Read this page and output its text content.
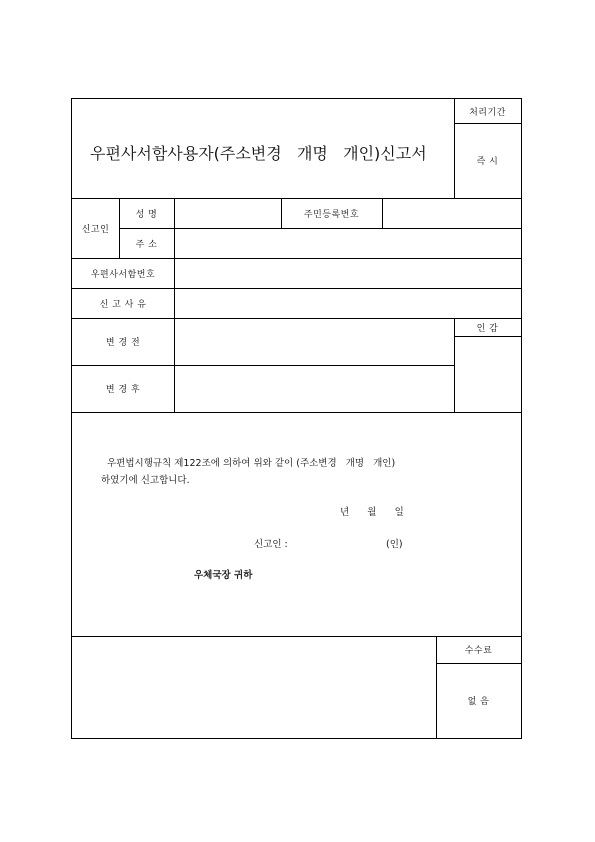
우편사서함사용자(주소변경   개명   개인)신고서
처리기간
즉 시
신고인
성 명	주민등록번호
주 소
우편사서함번호
신 고 사 유
변 경 전
변 경 후
인 감
우편법시행규칙 제122조에 의하여 위와 같이 (주소변경   개명   개인)
하였기에 신고합니다.
년      월      일
신고인 :	(인)
우체국장 귀하
수수료
없 음
